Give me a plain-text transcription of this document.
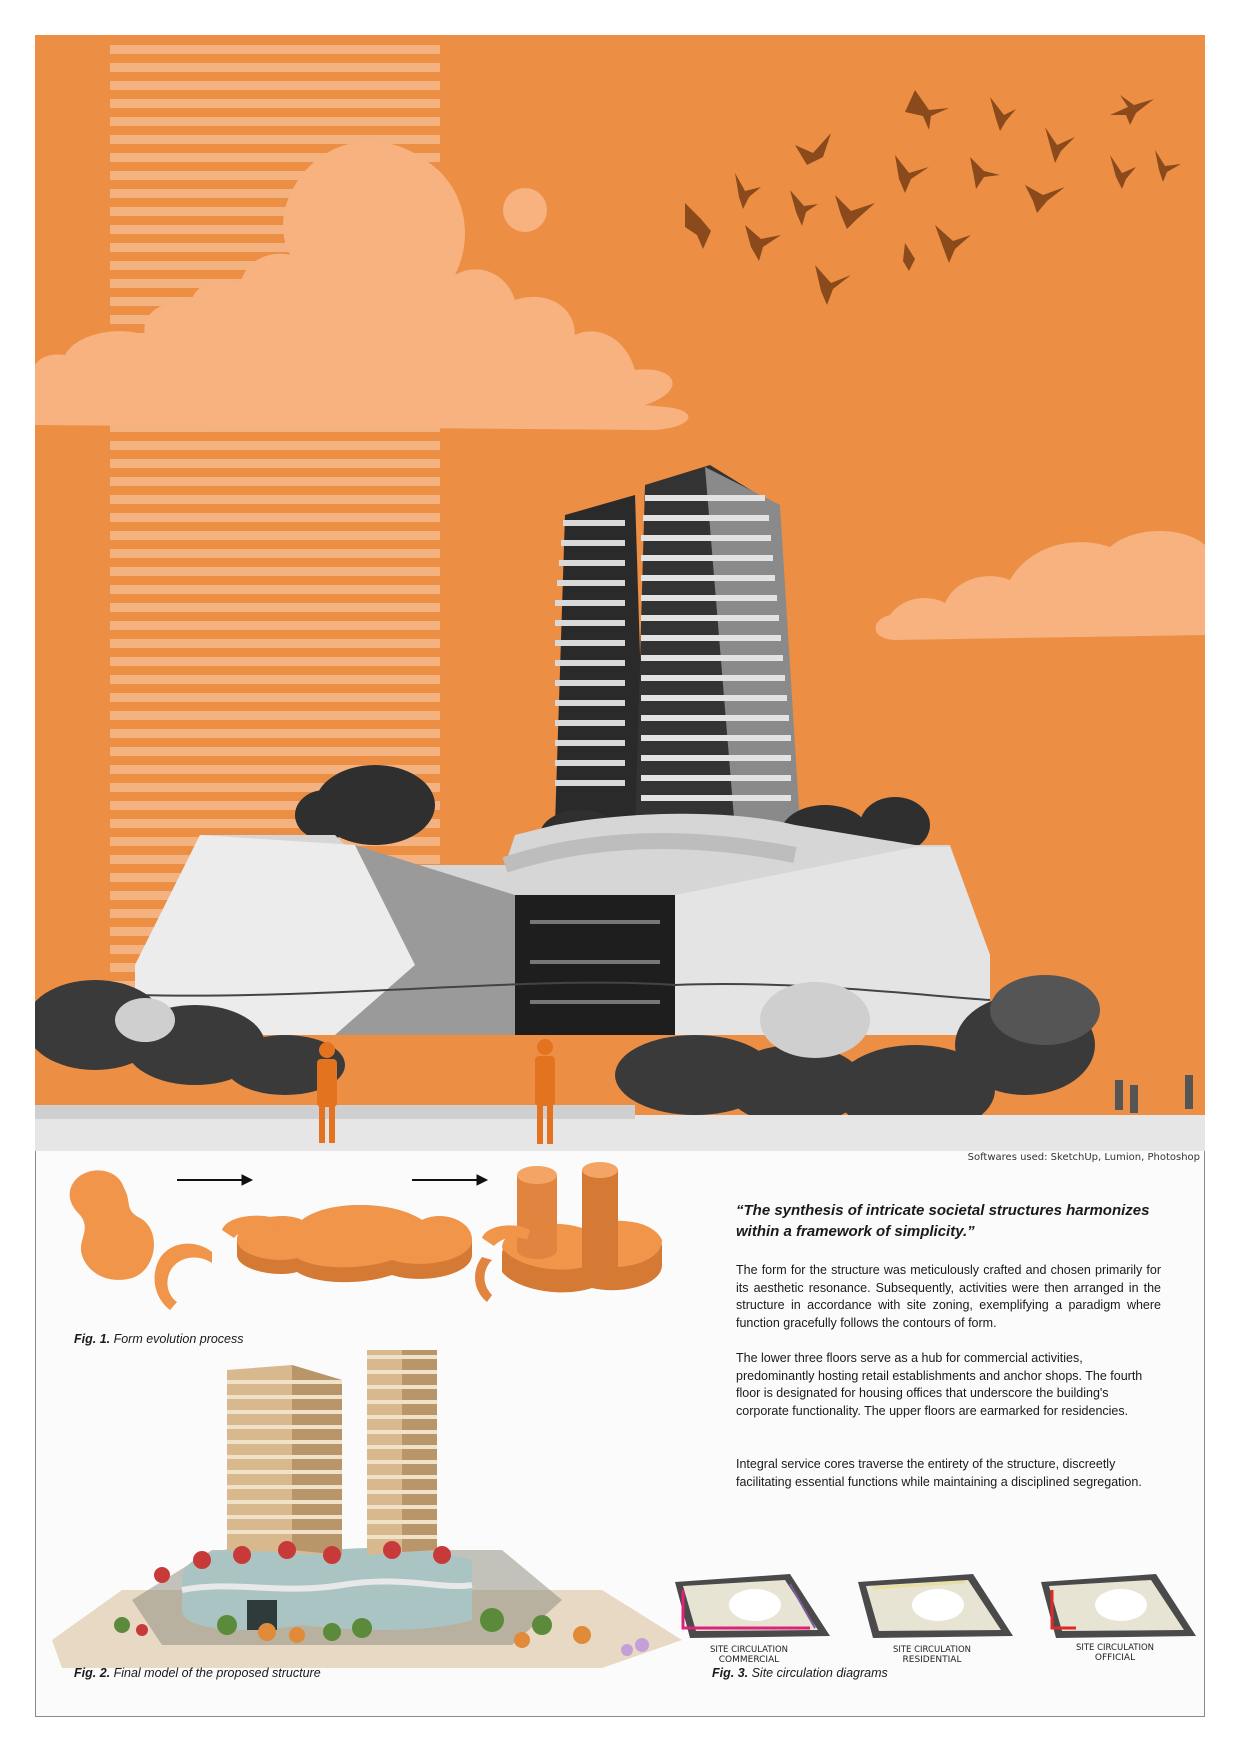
Softwares used: SketchUp, Lumion, Photoshop
Fig. 1. Form evolution process
Fig. 2. Final model of the proposed structure
“The synthesis of intricate societal structures harmonizes within a framework of simplicity.”
The form for the structure was meticulously crafted and chosen primarily for its aesthetic resonance. Subsequently, activities were then arranged in the structure in accordance with site zoning, exemplifying a paradigm where function gracefully follows the contours of form.
The lower three floors serve as a hub for commercial activities, predominantly hosting retail establishments and anchor shops. The fourth floor is designated for housing offices that underscore the building's corporate functionality. The upper floors are earmarked for residencies.
Integral service cores traverse the entirety of the structure, discreetly facilitating essential functions while maintaining a disciplined segregation.
SITE CIRCULATION
COMMERCIAL
SITE CIRCULATION
RESIDENTIAL
SITE CIRCULATION
OFFICIAL
Fig. 3. Site circulation diagrams
